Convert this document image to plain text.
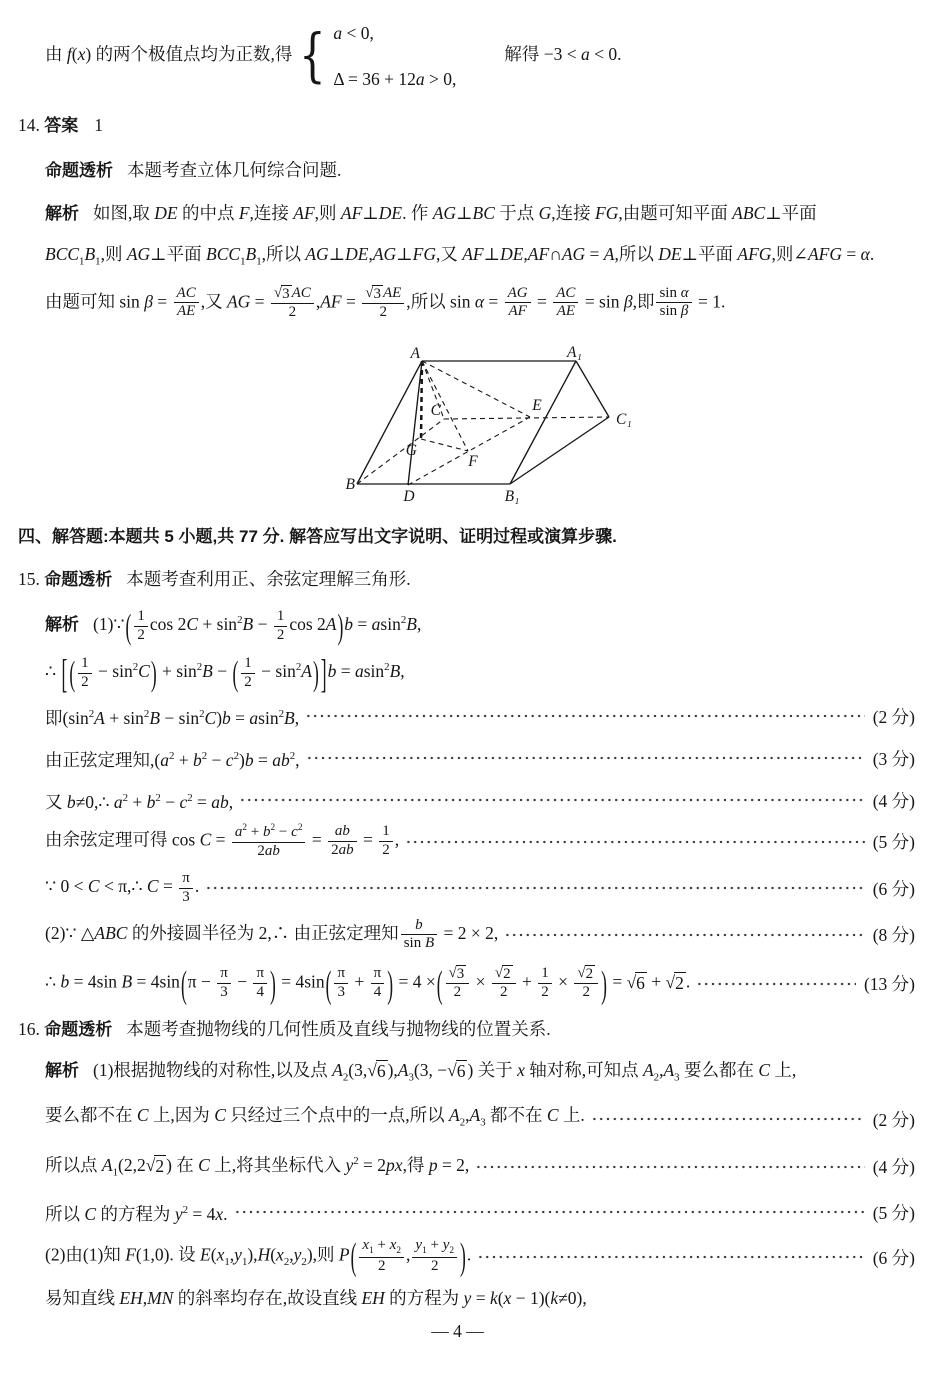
由 f(x) 的两个极值点均为正数,得 { a < 0,
Δ = 36 + 12a > 0,
解得 −3 < a < 0.
14. 答案 1
命题透析 本题考查立体几何综合问题.
解析 如图,取 DE 的中点 F,连接 AF,则 AF⊥DE. 作 AG⊥BC 于点 G,连接 FG,由题可知平面 ABC⊥平面
$BCC_1B_1$,则 AG⊥平面 $BCC_1B_1$,所以 AG⊥DE,AG⊥FG,又 AF⊥DE,AF∩AG = A,所以 DE⊥平面 AFG,则∠AFG = α.
由题可知 $\sin \beta = \frac{AC}{AE}$ ,又 AG = $\frac{√ 3 AC}{2} ,AF = \frac{√ 3 AE}{2}$ ,所以 $\sin \alpha = \frac{AG}{AF} = \frac{AC}{AE} = \sin \beta$,即 $\frac{\text{sin α}}{\text{sin β}} = 1$.
A	A₁
B
D	B₁
C₁
E
C
G
F
四、解答题:本题共 5 小题,共 77 分. 解答应写出文字说明、证明过程或演算步骤.
15. 命题透析 本题考查利用正、余弦定理解三角形.
解析 (1)∵( $\frac{1}{2}$ $\cos 2C + \sin^2B - \frac{1}{2}$ cos 2A)b = asin$^2$B,
∴ [ ( $\frac{1}{2} - \sin^2C) + \sin^2B$ − ( $\frac{1}{2} - \sin^2A$) ]b = asin$^2$B,
即$(\sin^2A + \sin^2B - \sin^2C)b = asin^2B$,	(2 分)
由正弦定理知$,(a^2 + b^2 - c^2)b = ab^2$,	(3 分)
又 b≠0,∴ $a^2 + b^2 - c^2$ = ab,	(4 分)
由余弦定理可得 $\cos C = \frac{a^2 + b^2 - c^2}{2ab} = \frac{ab}{2ab} = \frac{1}{2}$ ,	(5 分)
∵ 0 < C < π,∴ $C = \frac{\pi}{3}$ .	(6 分)
(2)∵ △ABC 的外接圆半径为 2,∴ 由正弦定理知 $\frac{b}{\text{sin B}} = 2 \times 2$,	(8 分)
∴ b = 4sin $B = 4\sin(\pi - \frac{\pi}{3} - \frac{\pi}{4}$ ) = $4\sin( \frac{\pi}{3} + \frac{\pi}{4}$ ) = 4 ×( $\frac{√ 3}{2} \times \frac{√ 2}{2} + \frac{1}{2} \times \frac{√ 2}{2}$ ) = √ 6 + √ 2 .	(13 分)
16. 命题透析 本题考查抛物线的几何性质及直线与抛物线的位置关系.
解析 (1)根据抛物线的对称性,以及点 $A_2(3$, √ 6 )$,A_3(3$, − √ 6 ) 关于 x 轴对称,可知点 $A_2,A_3$ 要么都在 C 上,
要么都不在 C 上,因为 C 只经过三个点中的一点,所以 $A_2,A_3$ 都不在 C 上.	(2 分)
所以点 $A_1(2,2$ √ 2 ) 在 C 上,将其坐标代入 $y^2 = 2px$,得 p = 2,	(4 分)
所以 C 的方程为 $y^2 = 4x$.	(5 分)
(2)由(1)知 F(1,0). 设 $E(x_1,y_1),H(x_2,y_2)$,则 $P( \frac{x_1 + x_2}{2}$ , $\frac{y_1 + y_2}{2}$ ).	(6 分)
易知直线 EH,MN 的斜率均存在,故设直线 EH 的方程为 y = k(x − 1)(k≠0),
— 4 —
